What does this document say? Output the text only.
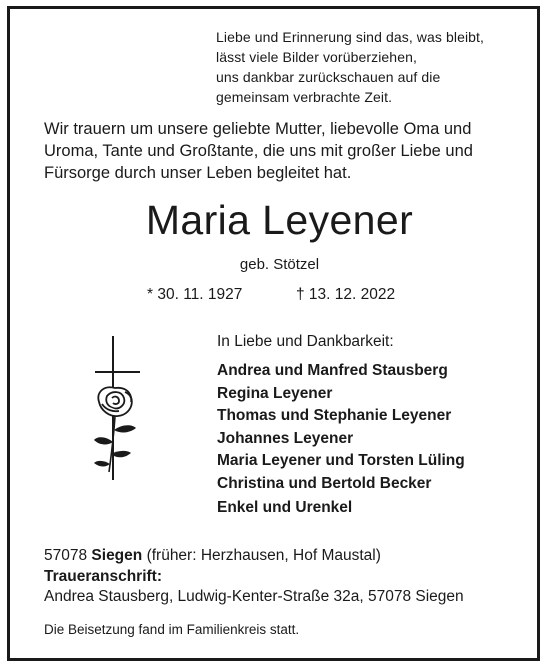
Liebe und Erinnerung sind das, was bleibt,
lässt viele Bilder vorüberziehen,
uns dankbar zurückschauen auf die
gemeinsam verbrachte Zeit.
Wir trauern um unsere geliebte Mutter, liebevolle Oma und
Uroma, Tante und Großtante, die uns mit großer Liebe und
Fürsorge durch unser Leben begleitet hat.
Maria Leyener
geb. Stötzel
* 30. 11. 1927	† 13. 12. 2022
In Liebe und Dankbarkeit:
Andrea und Manfred Stausberg
Regina Leyener
Thomas und Stephanie Leyener
Johannes Leyener
Maria Leyener und Torsten Lüling
Christina und Bertold Becker
Enkel und Urenkel
57078 Siegen (früher: Herzhausen, Hof Maustal)
Traueranschrift:
Andrea Stausberg, Ludwig-Kenter-Straße 32a, 57078 Siegen
Die Beisetzung fand im Familienkreis statt.
